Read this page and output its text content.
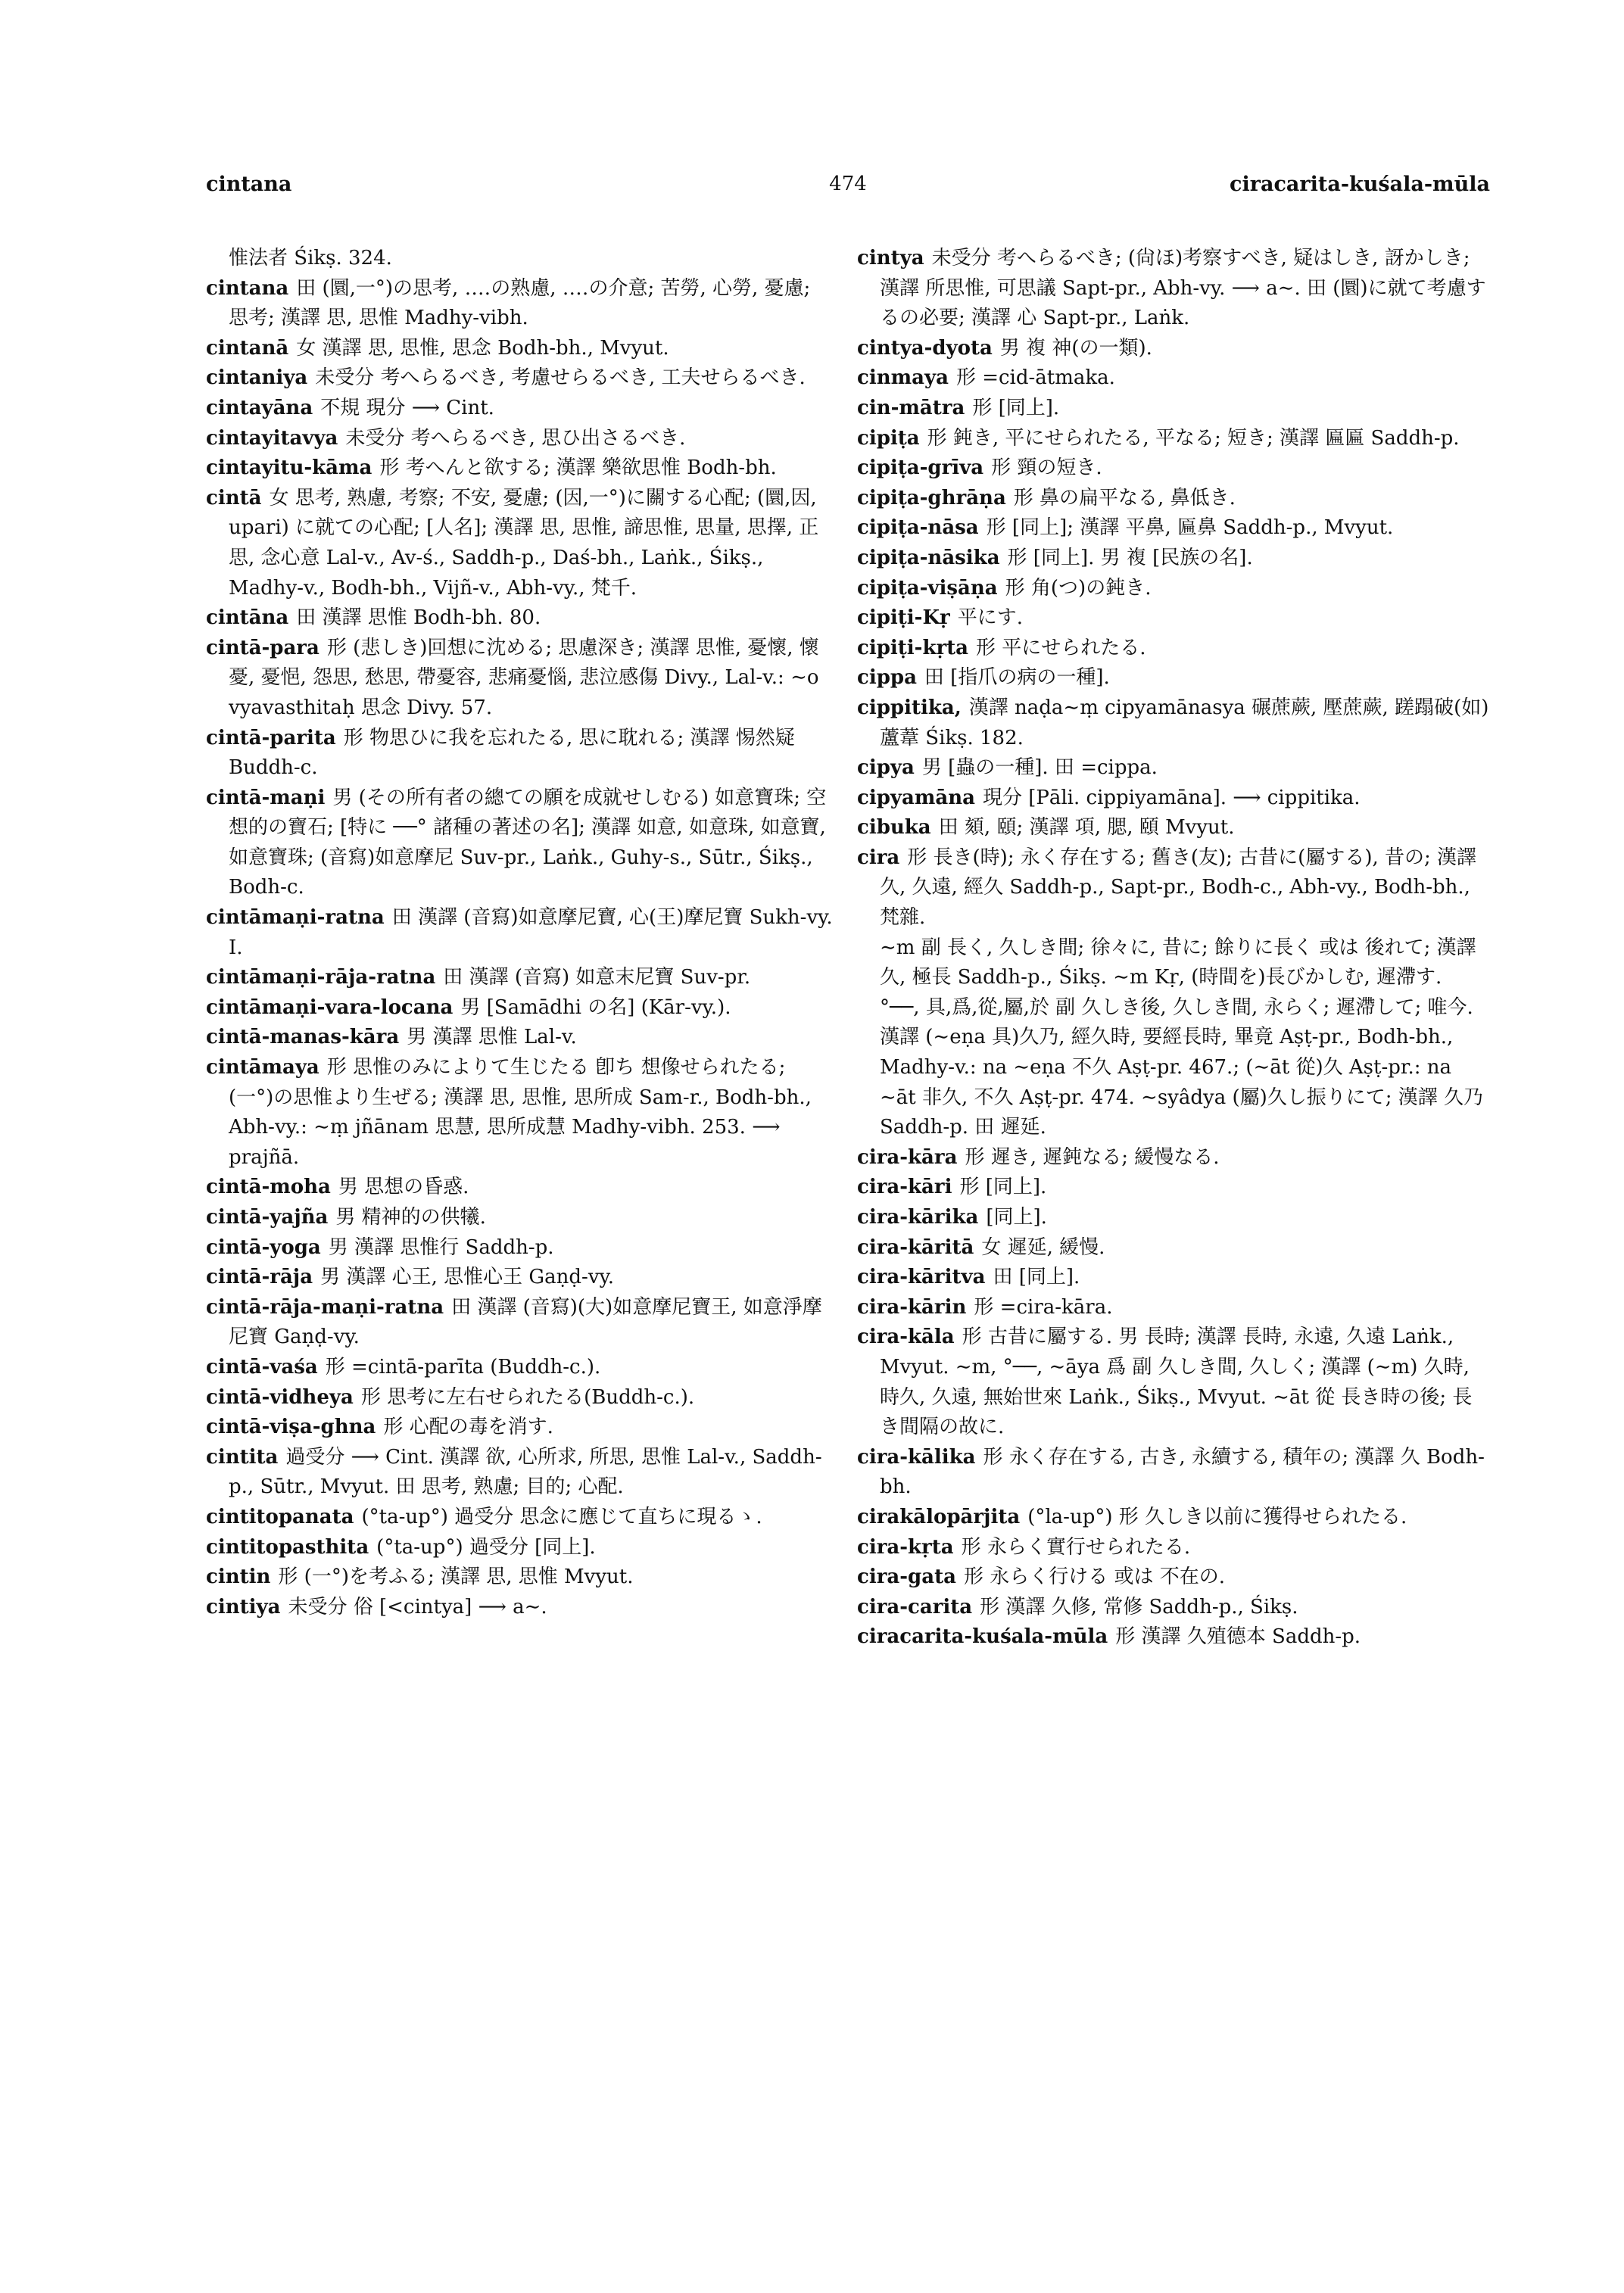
cintana	474	ciracarita-kuśala-mūla

惟法者 Śikṣ. 324.

cintana 田 (圜,一°)の思考, ‥‥の熟慮, ‥‥の介意; 苦勞, 心勞, 憂慮; 思考; 漢譯 思, 思惟 Madhy-vibh.

cintanā 女 漢譯 思, 思惟, 思念 Bodh-bh., Mvyut.

cintaniya 未受分 考へらるべき, 考慮せらるべき, 工夫せらるべき.

cintayāna 不規 現分 ⟶ Cint.

cintayitavya 未受分 考へらるべき, 思ひ出さるべき.

cintayitu-kāma 形 考へんと欲する; 漢譯 樂欲思惟 Bodh-bh.

cintā 女 思考, 熟慮, 考察; 不安, 憂慮; (因,一°)に關する心配; (圜,因, upari) に就ての心配; [人名]; 漢譯 思, 思惟, 諦思惟, 思量, 思擇, 正思, 念心意 Lal-v., Av-ś., Saddh-p., Daś-bh., Laṅk., Śikṣ., Madhy-v., Bodh-bh., Vijñ-v., Abh-vy., 梵千.

cintāna 田 漢譯 思惟 Bodh-bh. 80.

cintā-para 形 (悲しき)回想に沈める; 思慮深き; 漢譯 思惟, 憂懷, 懷憂, 憂悒, 怨思, 愁思, 帶憂容, 悲痛憂惱, 悲泣感傷 Divy., Lal-v.: ∼o vyavasthitaḥ 思念 Divy. 57.

cintā-parita 形 物思ひに我を忘れたる, 思に耽れる; 漢譯 惕然疑 Buddh-c.

cintā-maṇi 男 (その所有者の總ての願を成就せしむる) 如意寶珠; 空想的の寶石; [特に ──° 諸種の著述の名]; 漢譯 如意, 如意珠, 如意寶, 如意寶珠; (音寫)如意摩尼 Suv-pr., Laṅk., Guhy-s., Sūtr., Śikṣ., Bodh-c.

cintāmaṇi-ratna 田 漢譯 (音寫)如意摩尼寶, 心(王)摩尼寶 Sukh-vy. I.

cintāmaṇi-rāja-ratna 田 漢譯 (音寫) 如意末尼寶 Suv-pr.

cintāmaṇi-vara-locana 男 [Samādhi の名] (Kār-vy.).

cintā-manas-kāra 男 漢譯 思惟 Lal-v.

cintāmaya 形 思惟のみによりて生じたる 卽ち 想像せられたる; (一°)の思惟より生ぜる; 漢譯 思, 思惟, 思所成 Sam-r., Bodh-bh., Abh-vy.: ∼ṃ jñānam 思慧, 思所成慧 Madhy-vibh. 253. ⟶ prajñā.

cintā-moha 男 思想の昏惑.

cintā-yajña 男 精神的の供犧.

cintā-yoga 男 漢譯 思惟行 Saddh-p.

cintā-rāja 男 漢譯 心王, 思惟心王 Gaṇḍ-vy.

cintā-rāja-maṇi-ratna 田 漢譯 (音寫)(大)如意摩尼寶王, 如意淨摩尼寶 Gaṇḍ-vy.

cintā-vaśa 形 =cintā-parīta (Buddh-c.).

cintā-vidheya 形 思考に左右せられたる(Buddh-c.).

cintā-viṣa-ghna 形 心配の毒を消す.

cintita 過受分 ⟶ Cint. 漢譯 欲, 心所求, 所思, 思惟 Lal-v., Saddh-p., Sūtr., Mvyut. 田 思考, 熟慮; 目的; 心配.

cintitopanata (°ta-up°) 過受分 思念に應じて直ちに現るゝ.

cintitopasthita (°ta-up°) 過受分 [同上].

cintin 形 (一°)を考ふる; 漢譯 思, 思惟 Mvyut.

cintiya 未受分 俗 [<cintya] ⟶ a∼.

cintya 未受分 考へらるべき; (尙ほ)考察すべき, 疑はしき, 訝かしき; 漢譯 所思惟, 可思議 Sapt-pr., Abh-vy. ⟶ a∼. 田 (圜)に就て考慮するの必要; 漢譯 心 Sapt-pr., Laṅk.

cintya-dyota 男 複 神(の一類).

cinmaya 形 =cid-ātmaka.

cin-mātra 形 [同上].

cipiṭa 形 鈍き, 平にせられたる, 平なる; 短き; 漢譯 匾匾 Saddh-p.

cipiṭa-grīva 形 頸の短き.

cipiṭa-ghrāṇa 形 鼻の扁平なる, 鼻低き.

cipiṭa-nāsa 形 [同上]; 漢譯 平鼻, 匾鼻 Saddh-p., Mvyut.

cipiṭa-nāsika 形 [同上]. 男 複 [民族の名].

cipiṭa-viṣāṇa 形 角(つ)の鈍き.

cipiṭi-Kṛ 平にす.

cipiṭi-kṛta 形 平にせられたる.

cippa 田 [指爪の病の一種].

cippitika, 漢譯 naḍa∼ṃ cipyamānasya 碾蔗蕨, 壓蔗蕨, 蹉蹋破(如)蘆葦 Śikṣ. 182.

cipya 男 [蟲の一種]. 田 =cippa.

cipyamāna 現分 [Pāli. cippiyamāna]. ⟶ cippitika.

cibuka 田 頦, 頤; 漢譯 項, 腮, 頤 Mvyut.

cira 形 長き(時); 永く存在する; 舊き(友); 古昔に(屬する), 昔の; 漢譯 久, 久遠, 經久 Saddh-p., Sapt-pr., Bodh-c., Abh-vy., Bodh-bh., 梵雜.

∼m 副 長く, 久しき間; 徐々に, 昔に; 餘りに長く 或は 後れて; 漢譯 久, 極長 Saddh-p., Śikṣ. ∼m Kṛ, (時間を)長びかしむ, 遲滯す.

°──, 具,爲,從,屬,於 副 久しき後, 久しき間, 永らく; 遲滯して; 唯今. 漢譯 (∼eṇa 具)久乃, 經久時, 要經長時, 畢竟 Aṣṭ-pr., Bodh-bh., Madhy-v.: na ∼eṇa 不久 Aṣṭ-pr. 467.; (∼āt 從)久 Aṣṭ-pr.: na ∼āt 非久, 不久 Aṣṭ-pr. 474. ∼syâdya (屬)久し振りにて; 漢譯 久乃 Saddh-p. 田 遲延.

cira-kāra 形 遲き, 遲鈍なる; 緩慢なる.

cira-kāri 形 [同上].

cira-kārika [同上].

cira-kāritā 女 遲延, 緩慢.

cira-kāritva 田 [同上].

cira-kārin 形 =cira-kāra.

cira-kāla 形 古昔に屬する. 男 長時; 漢譯 長時, 永遠, 久遠 Laṅk., Mvyut. ∼m, °──, ∼āya 爲 副 久しき間, 久しく; 漢譯 (∼m) 久時, 時久, 久遠, 無始世來 Laṅk., Śikṣ., Mvyut. ∼āt 從 長き時の後; 長き間隔の故に.

cira-kālika 形 永く存在する, 古き, 永續する, 積年の; 漢譯 久 Bodh-bh.

cirakālopārjita (°la-up°) 形 久しき以前に獲得せられたる.

cira-kṛta 形 永らく實行せられたる.

cira-gata 形 永らく行ける 或は 不在の.

cira-carita 形 漢譯 久修, 常修 Saddh-p., Śikṣ.

ciracarita-kuśala-mūla 形 漢譯 久殖德本 Saddh-p.
